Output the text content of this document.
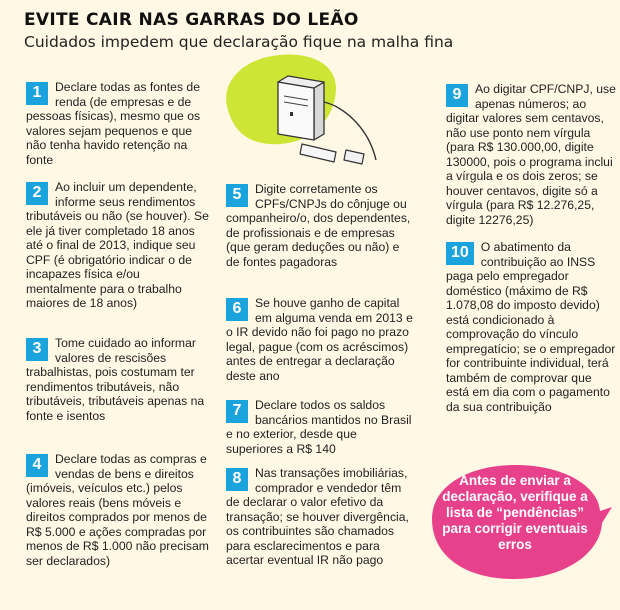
EVITE CAIR NAS GARRAS DO LEÃO
Cuidados impedem que declaração fique na malha fina
1	Declare todas as fontes de renda (de empresas e de pessoas físicas), mesmo que os valores sejam pequenos e que não tenha havido retenção na fonte
2	Ao incluir um dependente, informe seus rendimentos tributáveis ou não (se houver). Se ele já tiver completado 18 anos até o final de 2013, indique seu CPF (é obrigatório indicar o de incapazes física e/ou mentalmente para o trabalho maiores de 18 anos)
3	Tome cuidado ao informar valores de rescisões trabalhistas, pois costumam ter rendimentos tributáveis, não tributáveis, tributáveis apenas na fonte e isentos
4	Declare todas as compras e vendas de bens e direitos (imóveis, veículos etc.) pelos valores reais (bens móveis e direitos comprados por menos de R$ 5.000 e ações compradas por menos de R$ 1.000 não precisam ser declarados)
5	Digite corretamente os CPFs/CNPJs do cônjuge ou companheiro/o, dos dependentes, de profissionais e de empresas (que geram deduções ou não) e de fontes pagadoras
6	Se houve ganho de capital em alguma venda em 2013 e o IR devido não foi pago no prazo legal, pague (com os acréscimos) antes de entregar a declaração deste ano
7	Declare todos os saldos bancários mantidos no Brasil e no exterior, desde que superiores a R$ 140
8	Nas transações imobiliárias, comprador e vendedor têm de declarar o valor efetivo da transação; se houver divergência, os contribuintes são chamados para esclarecimentos e para acertar eventual IR não pago
9	Ao digitar CPF/CNPJ, use apenas números; ao digitar valores sem centavos, não use ponto nem vírgula (para R$ 130.000,00, digite 130000, pois o programa inclui a vírgula e os dois zeros; se houver centavos, digite só a vírgula (para R$ 12.276,25, digite 12276,25)
10 O abatimento da contribuição ao INSS paga pelo empregador doméstico (máximo de R$ 1.078,08 do imposto devido) está condicionado à comprovação do vínculo empregatício; se o empregador for contribuinte individual, terá também de comprovar que está em dia com o pagamento da sua contribuição
Antes de enviar a declaração, verifique a lista de “pendências” para corrigir eventuais erros
